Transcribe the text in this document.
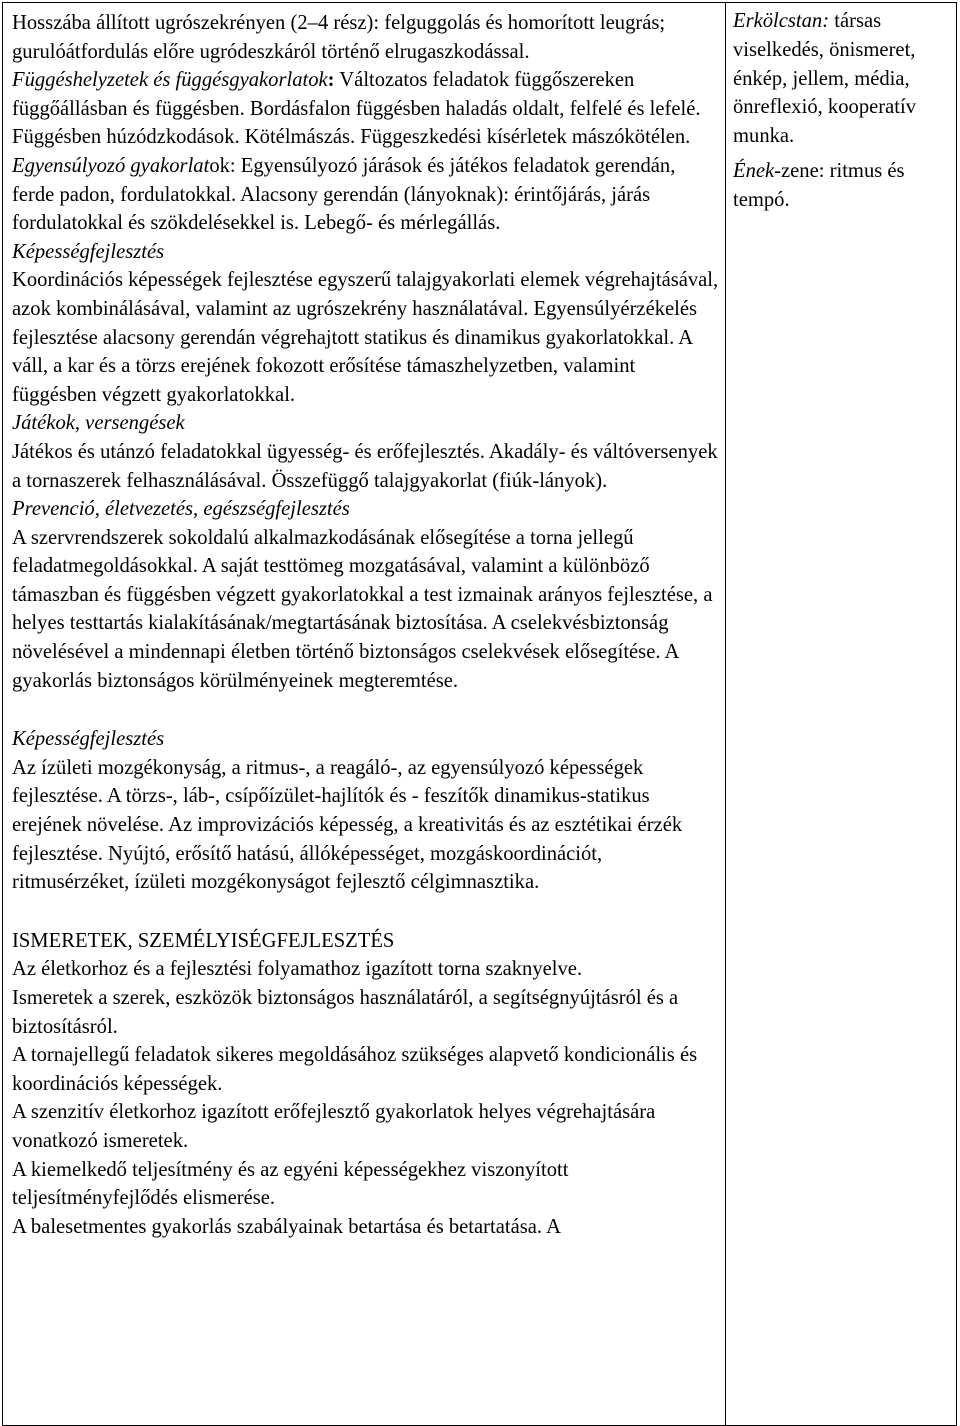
Hosszába állított ugrószekrényen (2–4 rész): felguggolás és homorított leugrás; gurulóátfordulás előre ugródeszkáról történő elrugaszkodással.

Függéshelyzetek és függésgyakorlatok: Változatos feladatok függőszereken függőállásban és függésben. Bordásfalon függésben haladás oldalt, felfelé és lefelé. Függésben húzódzkodások. Kötélmászás. Függeszkedési kísérletek mászókötélen.

Egyensúlyozó gyakorlatok: Egyensúlyozó járások és játékos feladatok gerendán, ferde padon, fordulatokkal. Alacsony gerendán (lányoknak): érintőjárás, járás fordulatokkal és szökdelésekkel is. Lebegő- és mérlegállás.

Képességfejlesztés

Koordinációs képességek fejlesztése egyszerű talajgyakorlati elemek végrehajtásával, azok kombinálásával, valamint az ugrószekrény használatával. Egyensúlyérzékelés fejlesztése alacsony gerendán végrehajtott statikus és dinamikus gyakorlatokkal. A váll, a kar és a törzs erejének fokozott erősítése támaszhelyzetben, valamint függésben végzett gyakorlatokkal.

Játékok, versengések

Játékos és utánzó feladatokkal ügyesség- és erőfejlesztés. Akadály- és váltóversenyek a tornaszerek felhasználásával. Összefüggő talajgyakorlat (fiúk-lányok).

Prevenció, életvezetés, egészségfejlesztés

A szervrendszerek sokoldalú alkalmazkodásának elősegítése a torna jellegű feladatmegoldásokkal. A saját testtömeg mozgatásával, valamint a különböző támaszban és függésben végzett gyakorlatokkal a test izmainak arányos fejlesztése, a helyes testtartás kialakításának/megtartásának biztosítása. A cselekvésbiztonság növelésével a mindennapi életben történő biztonságos cselekvések elősegítése. A gyakorlás biztonságos körülményeinek megteremtése.

Képességfejlesztés

Az ízületi mozgékonyság, a ritmus-, a reagáló-, az egyensúlyozó képességek fejlesztése. A törzs-, láb-, csípőízület-hajlítók és - feszítők dinamikus-statikus erejének növelése. Az improvizációs képesség, a kreativitás és az esztétikai érzék fejlesztése. Nyújtó, erősítő hatású, állóképességet, mozgáskoordinációt, ritmusérzéket, ízületi mozgékonyságot fejlesztő célgimnasztika.

ISMERETEK, SZEMÉLYISÉGFEJLESZTÉS

Az életkorhoz és a fejlesztési folyamathoz igazított torna szaknyelve.

Ismeretek a szerek, eszközök biztonságos használatáról, a segítségnyújtásról és a biztosításról.

A tornajellegű feladatok sikeres megoldásához szükséges alapvető kondicionális és koordinációs képességek.

A szenzitív életkorhoz igazított erőfejlesztő gyakorlatok helyes végrehajtására vonatkozó ismeretek.

A kiemelkedő teljesítmény és az egyéni képességekhez viszonyított teljesítményfejlődés elismerése.

A balesetmentes gyakorlás szabályainak betartása és betartatása. A

Erkölcstan: társas viselkedés, önismeret, énkép, jellem, média, önreflexió, kooperatív munka.

Ének-zene: ritmus és tempó.
